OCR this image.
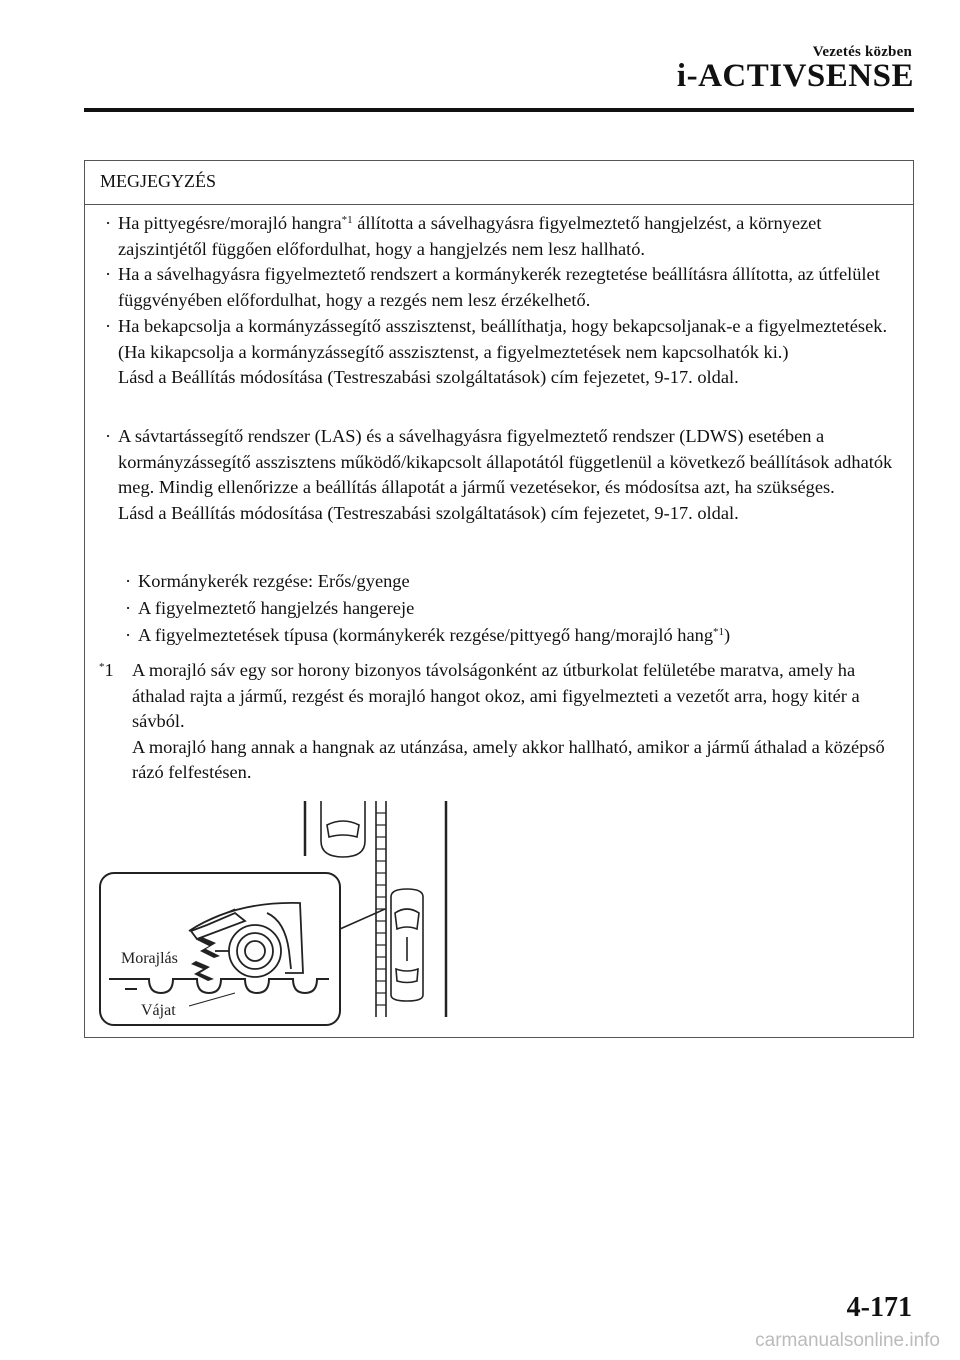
Vezetés közben
i-ACTIVSENSE
MEGJEGYZÉS
· Ha pittyegésre/morajló hangra$^{*1}$ állította a sávelhagyásra figyelmeztető hangjelzést, a környezet zajszintjétől függően előfordulhat, hogy a hangjelzés nem lesz hallható.
· Ha a sávelhagyásra figyelmeztető rendszert a kormánykerék rezegtetése beállításra állította, az útfelület függvényében előfordulhat, hogy a rezgés nem lesz érzékelhető.
· Ha bekapcsolja a kormányzássegítő asszisztenst, beállíthatja, hogy bekapcsoljanak-e a figyelmeztetések. (Ha kikapcsolja a kormányzássegítő asszisztenst, a figyelmeztetések nem kapcsolhatók ki.)
Lásd a Beállítás módosítása (Testreszabási szolgáltatások) cím fejezetet, 9-17. oldal.
· A sávtartássegítő rendszer (LAS) és a sávelhagyásra figyelmeztető rendszer (LDWS) esetében a kormányzássegítő asszisztens működő/kikapcsolt állapotától függetlenül a következő beállítások adhatók meg. Mindig ellenőrizze a beállítás állapotát a jármű vezetésekor, és módosítsa azt, ha szükséges.
Lásd a Beállítás módosítása (Testreszabási szolgáltatások) cím fejezetet, 9-17. oldal.
· Kormánykerék rezgése: Erős/gyenge
· A figyelmeztető hangjelzés hangereje
· A figyelmeztetések típusa (kormánykerék rezgése/pittyegő hang/morajló hang$^{*1}$)
*1 A morajló sáv egy sor horony bizonyos távolságonként az útburkolat felületébe maratva, amely ha áthalad rajta a jármű, rezgést és morajló hangot okoz, ami figyelmezteti a vezetőt arra, hogy kitér a sávból.
A morajló hang annak a hangnak az utánzása, amely akkor hallható, amikor a jármű áthalad a középső rázó felfestésen.
Morajlás
Vájat
4-171
carmanualsonline.info
